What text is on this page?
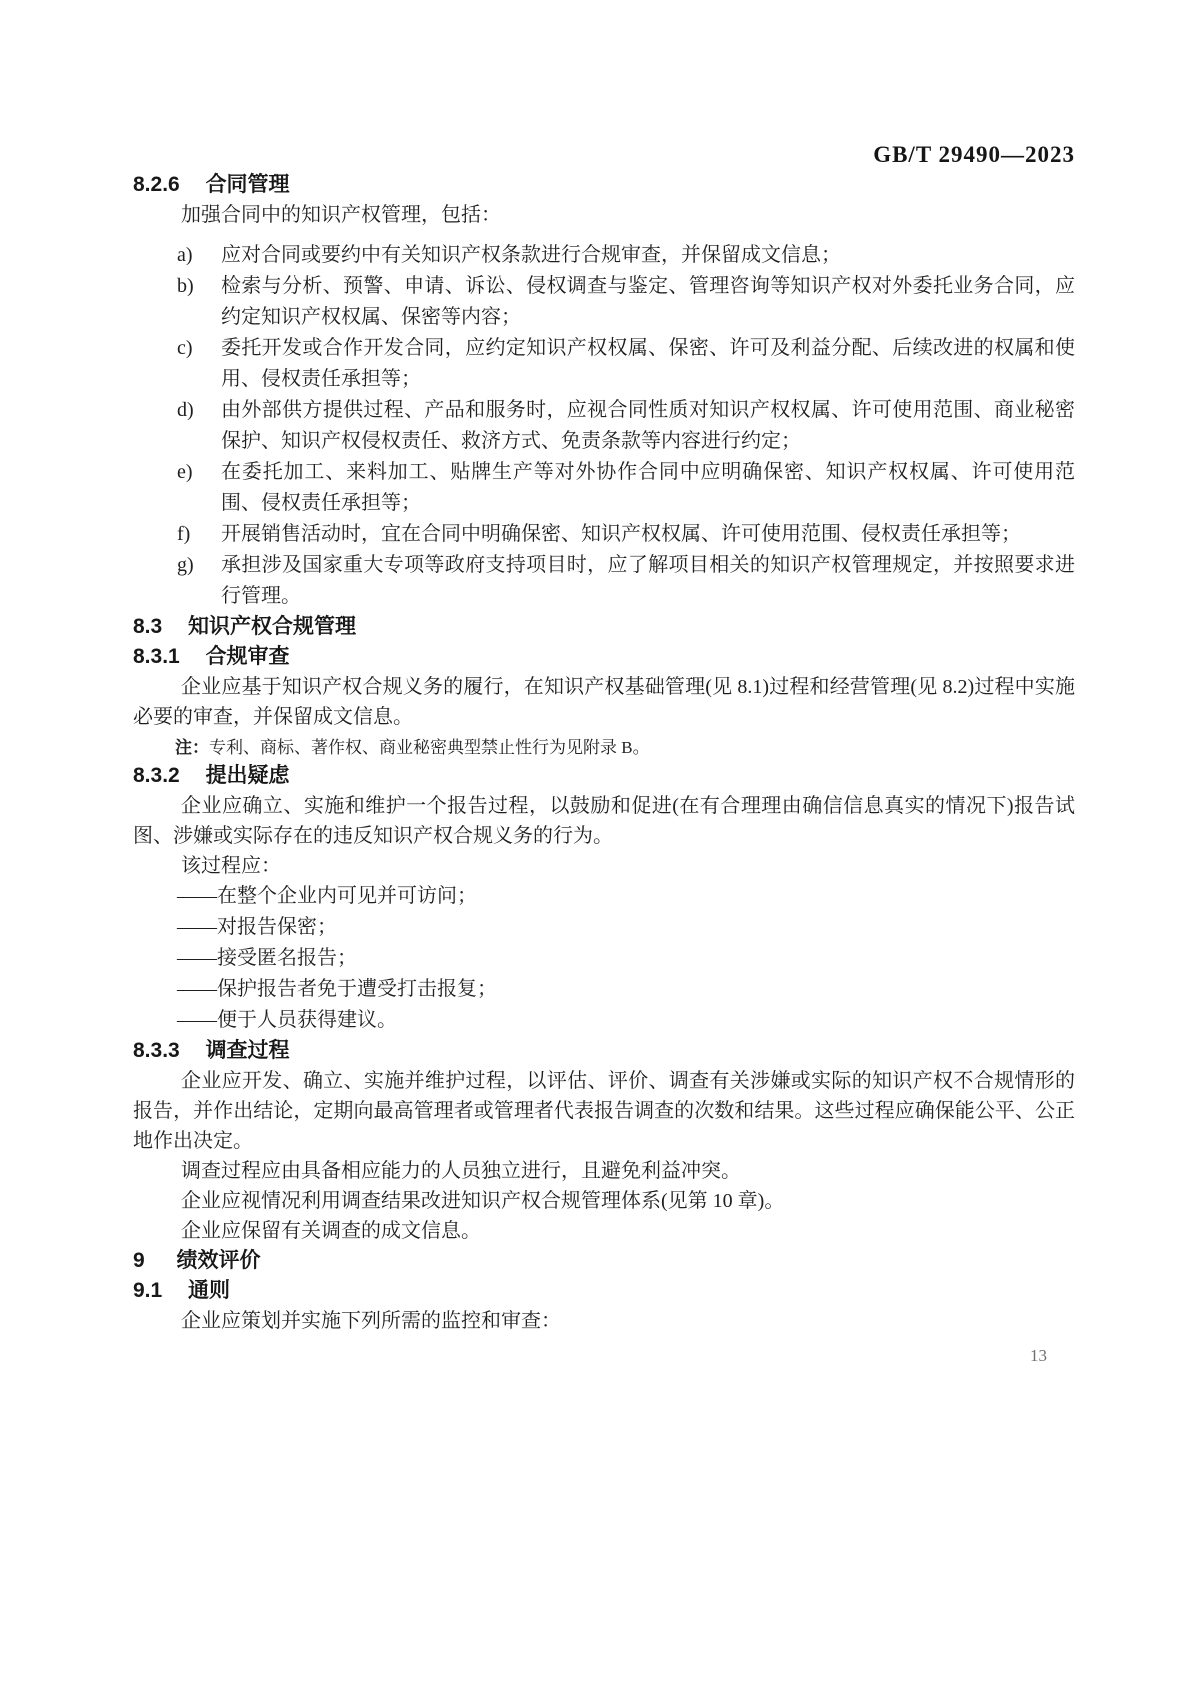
GB/T 29490—2023
8.2.6 合同管理

加强合同中的知识产权管理，包括：

a)	应对合同或要约中有关知识产权条款进行合规审查，并保留成文信息；
b)	检索与分析、预警、申请、诉讼、侵权调查与鉴定、管理咨询等知识产权对外委托业务合同，应约定知识产权权属、保密等内容；
c)	委托开发或合作开发合同，应约定知识产权权属、保密、许可及利益分配、后续改进的权属和使用、侵权责任承担等；
d)	由外部供方提供过程、产品和服务时，应视合同性质对知识产权权属、许可使用范围、商业秘密保护、知识产权侵权责任、救济方式、免责条款等内容进行约定；
e)	在委托加工、来料加工、贴牌生产等对外协作合同中应明确保密、知识产权权属、许可使用范围、侵权责任承担等；
f)	开展销售活动时，宜在合同中明确保密、知识产权权属、许可使用范围、侵权责任承担等；
g)	承担涉及国家重大专项等政府支持项目时，应了解项目相关的知识产权管理规定，并按照要求进行管理。
8.3 知识产权合规管理
8.3.1 合规审查

企业应基于知识产权合规义务的履行，在知识产权基础管理(见 8.1)过程和经营管理(见 8.2)过程中实施必要的审查，并保留成文信息。

注：专利、商标、著作权、商业秘密典型禁止性行为见附录 B。

8.3.2 提出疑虑

企业应确立、实施和维护一个报告过程，以鼓励和促进(在有合理理由确信信息真实的情况下)报告试图、涉嫌或实际存在的违反知识产权合规义务的行为。

该过程应：

——在整个企业内可见并可访问；
——对报告保密；
——接受匿名报告；
——保护报告者免于遭受打击报复；
——便于人员获得建议。
8.3.3 调查过程

企业应开发、确立、实施并维护过程，以评估、评价、调查有关涉嫌或实际的知识产权不合规情形的报告，并作出结论，定期向最高管理者或管理者代表报告调查的次数和结果。这些过程应确保能公平、公正地作出决定。

调查过程应由具备相应能力的人员独立进行，且避免利益冲突。

企业应视情况利用调查结果改进知识产权合规管理体系(见第 10 章)。

企业应保留有关调查的成文信息。

9 绩效评价
9.1 通则

企业应策划并实施下列所需的监控和审查：

13
